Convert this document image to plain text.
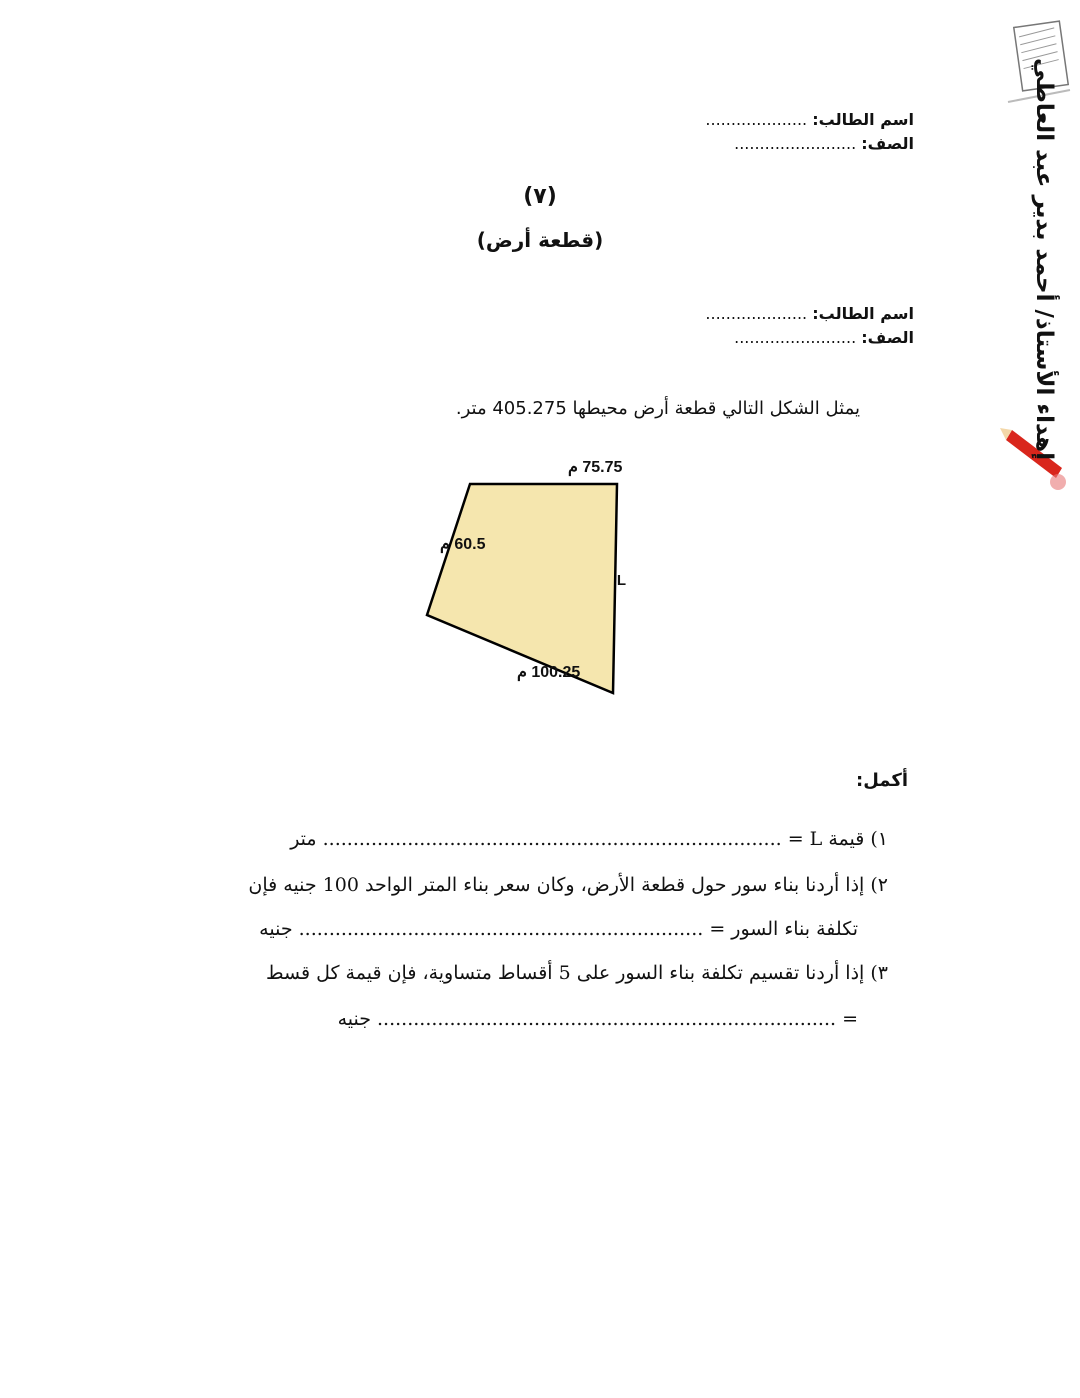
إهداء الأستاذ/ أحمد بدير عبد العاطي
اسم الطالب: ....................
الصف: ........................
(٧)
(قطعة أرض)
اسم الطالب: ....................
الصف: ........................
يمثل الشكل التالي قطعة أرض محيطها 405.275 متر.
75.75 م
60.5 م
L
100.25 م
أكمل:
١) قيمة L = ............................................................................ متر
٢) إذا أردنا بناء سور حول قطعة الأرض، وكان سعر بناء المتر الواحد 100 جنيه فإن
تكلفة بناء السور = ................................................................... جنيه
٣) إذا أردنا تقسيم تكلفة بناء السور على 5 أقساط متساوية، فإن قيمة كل قسط
= ............................................................................ جنيه
